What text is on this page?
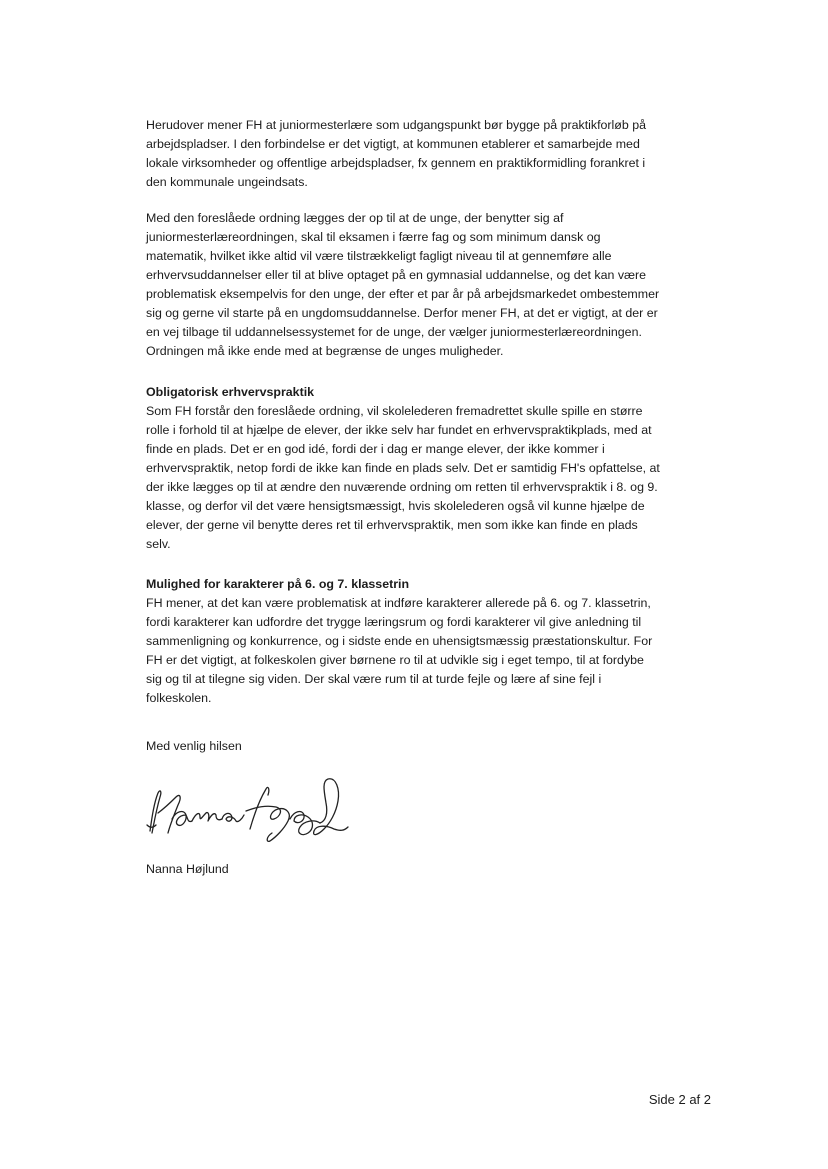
Herudover mener FH at juniormesterlære som udgangspunkt bør bygge på praktikforløb på
arbejdspladser. I den forbindelse er det vigtigt, at kommunen etablerer et samarbejde med
lokale virksomheder og offentlige arbejdspladser, fx gennem en praktikformidling forankret i
den kommunale ungeindsats.

Med den foreslåede ordning lægges der op til at de unge, der benytter sig af
juniormesterlæreordningen, skal til eksamen i færre fag og som minimum dansk og
matematik, hvilket ikke altid vil være tilstrækkeligt fagligt niveau til at gennemføre alle
erhvervsuddannelser eller til at blive optaget på en gymnasial uddannelse, og det kan være
problematisk eksempelvis for den unge, der efter et par år på arbejdsmarkedet ombestemmer
sig og gerne vil starte på en ungdomsuddannelse. Derfor mener FH, at det er vigtigt, at der er
en vej tilbage til uddannelsessystemet for de unge, der vælger juniormesterlæreordningen.
Ordningen må ikke ende med at begrænse de unges muligheder.

Obligatorisk erhvervspraktik
Som FH forstår den foreslåede ordning, vil skolelederen fremadrettet skulle spille en større
rolle i forhold til at hjælpe de elever, der ikke selv har fundet en erhvervspraktikplads, med at
finde en plads. Det er en god idé, fordi der i dag er mange elever, der ikke kommer i
erhvervspraktik, netop fordi de ikke kan finde en plads selv. Det er samtidig FH's opfattelse, at
der ikke lægges op til at ændre den nuværende ordning om retten til erhvervspraktik i 8. og 9.
klasse, og derfor vil det være hensigtsmæssigt, hvis skolelederen også vil kunne hjælpe de
elever, der gerne vil benytte deres ret til erhvervspraktik, men som ikke kan finde en plads
selv.
Mulighed for karakterer på 6. og 7. klassetrin
FH mener, at det kan være problematisk at indføre karakterer allerede på 6. og 7. klassetrin,
fordi karakterer kan udfordre det trygge læringsrum og fordi karakterer vil give anledning til
sammenligning og konkurrence, og i sidste ende en uhensigtsmæssig præstationskultur. For
FH er det vigtigt, at folkeskolen giver børnene ro til at udvikle sig i eget tempo, til at fordybe
sig og til at tilegne sig viden. Der skal være rum til at turde fejle og lære af sine fejl i
folkeskolen.

Med venlig hilsen

Nanna Højlund

Side 2 af 2
